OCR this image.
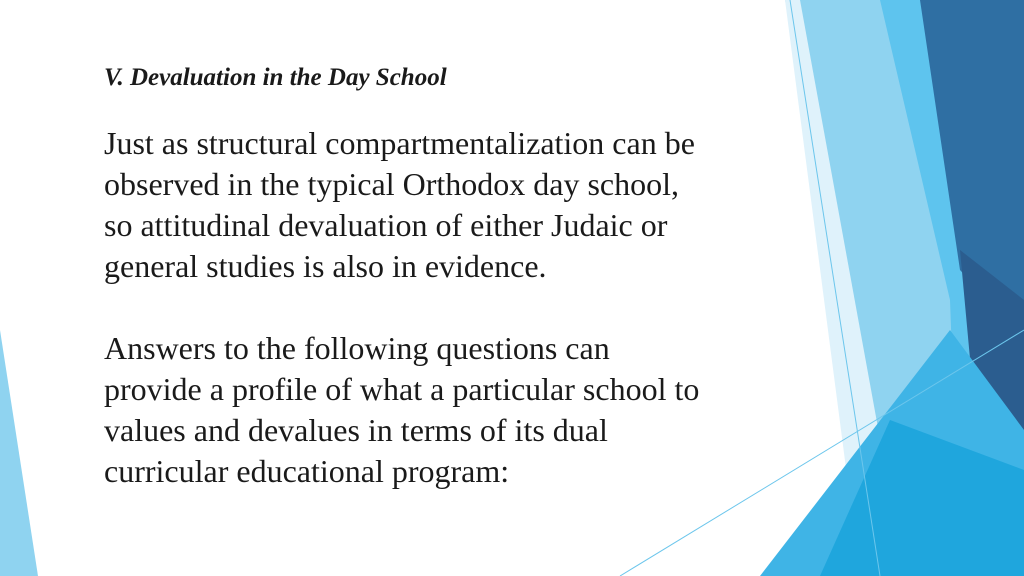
V. Devaluation in the Day School

Just as structural compartmentalization can be
observed in the typical Orthodox day school,
so attitudinal devaluation of either Judaic or
general studies is also in evidence.

Answers to the following questions can
provide a profile of what a particular school to
values and devalues in terms of its dual
curricular educational program:
